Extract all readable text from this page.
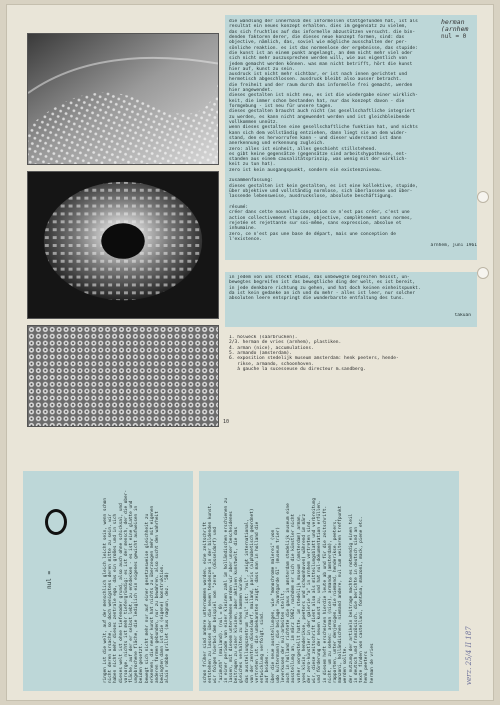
die wandlung der innerhalb des informellen stattgefunden hat, ist als
resultat ein neues konzept erhalten. dies im gegensatz zu vielem,
das sich fruchtlos auf das informelle abzustützen versucht. die bin-
denden faktoren derer, die dieses neue konzept formen, sind: das
objective, nämlich, das, soviel wie mögliche ausschalten der per-
sönliche reaktion. es ist das normenlose der ergebnisse, das stupide:
die kunst ist an einem punkt angelangt, an dem nicht mehr viel oder
sich nicht mehr auszusprechen werden will, wie aus eigentlich von
jedem gemacht werden können. was man nicht betrifft, hört die kunst
hier auf, kunst zu sein.
ausdruck ist nicht mehr sichtbar, er ist nach innen gerichtet und
hermetisch abgeschlossen. ausdruck bleibt also ausser betracht.
die freiheit und der raum durch das informelle frei gemacht, werden
hier angewendet.
dieses gestalten ist nicht neu, es ist die wiedergabe einer wirklich-
keit, die immer schon bestanden hat, nur das konzept davon - die
formgebung - ist neu für unsere tagen.
dieses gestalten braucht auch nicht (as gesellschaftliche integriert
zu werden, es kann nicht angewendet werden und ist gleichbleibende
vollkommen unnütz.
wenn dieses gestalten eine gesellschaftliche funktion hat, und nichts
kann sich dem vollständig entziehen, dann liegt sie an dem wider-
stand, den es hervorrufen kann - und dieser widerstand ist dann
anerkennung und erkennung zugleich.
zero: alles ist einheit, alles geschieht stillstehend.
es gibt keine gegensätze (gegensätze sind arbeitshypothesen, ent-
standen aus einem causalitätsprinzip, was wenig mit der wirklich-
keit zu tun hat).
zero ist kein ausgangspunkt, sondern ein existenzniveau.

zusammenfassung:
dieses gestalten ist kein gestalten, es ist eine kollektive, stupide,
über objektive und vollständig normlose, sich überlassene und über-
lassende lebensweise, ausdruckslose, absolute beschäftigung.

résumé:
créer dans cette nouvelle conception ce n'est pas créer, c'est une
action collectivement stupide, objective, complètement sans normes,
rejetée et rejettante sur soi-même, sans expression, absolue et
inhumaine.
zero, ce n'est pas une base de départ, mais une conception de
l'existence.
arnhem, juni 1961
herman
(arnhem
nul = 0
in jedem von uns steckt etwas, das unbewegte begreifen heisst, un-
bewegtes begreifen ist das bewegtliche ding der welt, es ist bereit,
in jede denkbare richtung zu gehen, und hat doch keinen einheitspunkt.
da ist kein gedanke an ich und du mehr - alles ist leer, nur solcher
absoluten leere entspringt die wunderbarste entfaltung des tuns.
takuan
1. holweck (saarbrücken).
2/3. herman de vries (arnhem), plastiken.
4. arman (nice), accumulations.
5. armando (amsterdam).
6. exposition stedelijk museum amsterdam: henk peeters, hende-
rikse, armando, schoonhoven.
à gauche la sucesseuse du directeur m.sandberg.
10
nul =
ringen ist die welt, auf der menschlich gleich leicht sein, wenn schon
nicht deren ursache, so doch wenigstens deren mitte zu sein. wir
haben nicht mehr dieses zentrale ego, das ein großes und in sich
dieses welt ist ohne tiefenoder grund, also auch ohne schicksal, und
vorsorge. nichts ist mehr tiefergründig: es ist der mensch, der die ober-
fläche, auf der er selbst lebt, zu entdecken - es ist eine glatte und
ungebrochene fläche, die lediglich ein eigenes gewicht aufweisen in
beiden gesetzt.
bewegt sich nicht mehr nur auf einer gesetzesweise gleichheit zu
erkennen, die neuer kunst hat nichts zu überzeugen mehr mit eigenen
anderen formen gebunden, nur zu bewahren. also sucht den wahrheit
bedingten dann ist die (eigene) konstruktion.
alain robbe grillet (aus nagnun, dez. '58)
schon früher sind andere unternommen worden, eine zeitschrift
entstehen zu lassen über die neuen tendenzen in der bildenden kunst.
wir folgen hierbei dem beispiel von "zero" (düsseldorf) und
"azimuth" (mailand). (nul = 0)
in einer periode von einer kleinen zahl im holländischen erschienen zu
lassen, mit diesem unternehmen werden wir aber unser bescheidenes
beitragen zu einer kleinen, aber aktiven kunstwelt, die das
gleiches verhalten zu sehen kommen würde.
das ausstellungszentrum "nul" ist: "nul", zeigt international,
von der zentren düsseldorf, mailand, paris (alphabetisch geordnet)
vertreten ist. die unbekannten zeigt, dass man in holland die
entwicklung verfolgt, sind.
auf beiden...
über die neue ausstellungen, wie "monochrome malerei" (von
udo kultermann), die beilage "avantgarde 61" (museum trier)
leverkusen der nul-arbeiten stellt,
auch in holland richtete die gaus in amsterdam stedelijk museum eine
ausstellung an, im märz 1962, nachdem er sich die künstler nicht
vorher vorgestellt hatte. im stedelijk museum (amsterdam) arman,
yves klein, henderikse, peeters und schoonhoven) während im märz
der zero-künstler in der galerie "a" in arnhem vertreten sind.
wir, diese zeitschrift dient also als mitteilungsblatt und verbreitung
und förderung der neuen kunst zu, und hat nul-dokumentation erfüllen.
in diesem heft erscheinen hierdie leute ab und für die zeitschrift.
nicht, um zu sehen: arman (nice), armando (amsterdam),
rapporten, unter denjenigen, die niemand, henderikse, peeters,
manzoni, holländischen. niemand andere, nul zum weiteren treffpunkt
werden sollte.
der nutzung der artikeln beitrage machte es notwendig einen teil
in deutsch und französisch. die berichte in deutsch sind an
texte finden von castellani, fontana, manzoni, mack, piene etc.
henk peeters
herman de vries	verz. 25/4 II 187
